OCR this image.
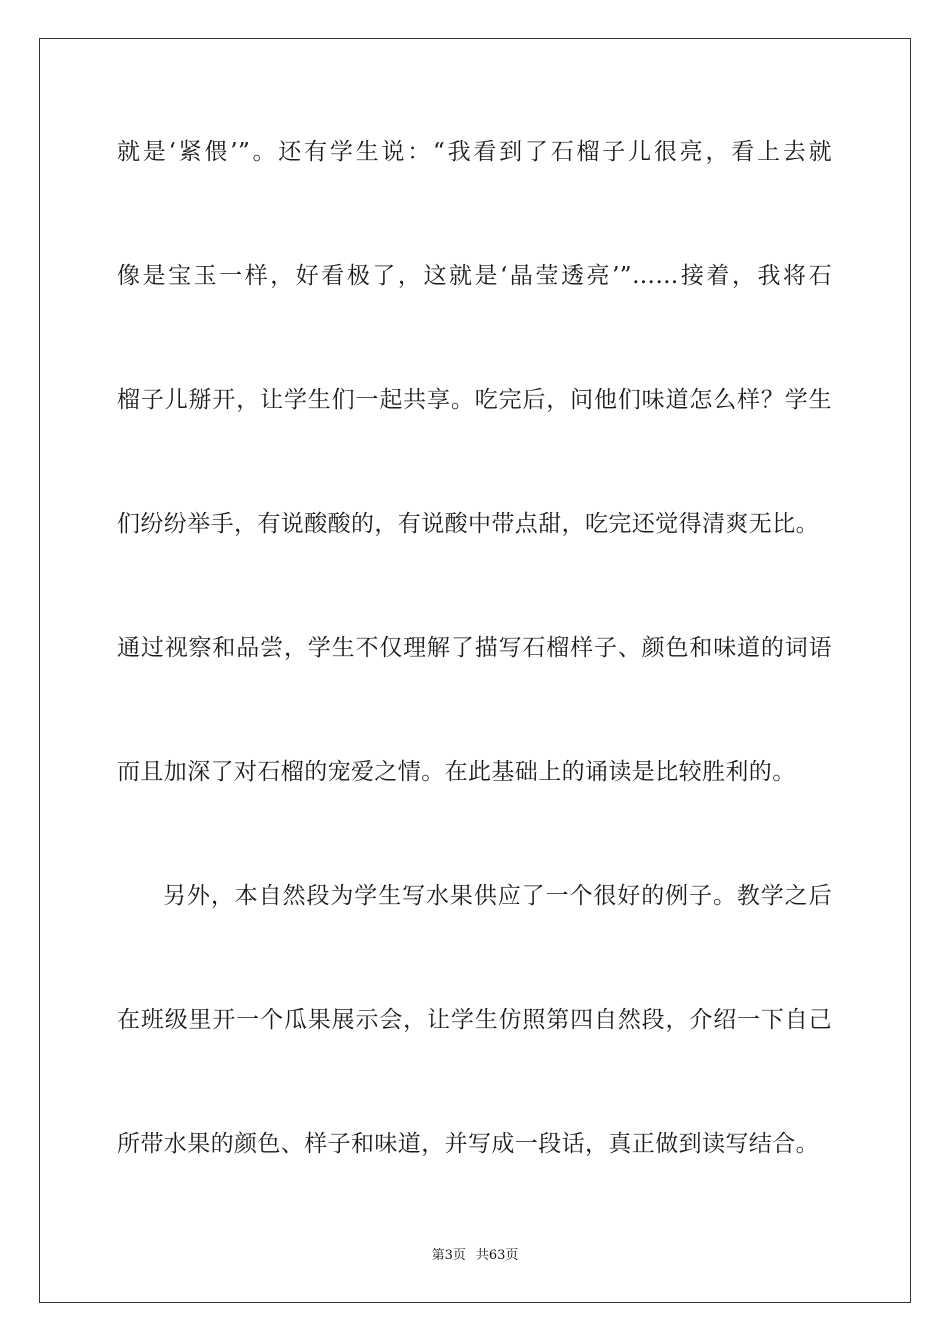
就是‘紧偎’”。还有学生说：“我看到了石榴子儿很亮，看上去就
像是宝玉一样，好看极了，这就是‘晶莹透亮’”……接着，我将石
榴子儿掰开，让学生们一起共享。吃完后，问他们味道怎么样？学生
们纷纷举手，有说酸酸的，有说酸中带点甜，吃完还觉得清爽无比。
通过视察和品尝，学生不仅理解了描写石榴样子、颜色和味道的词语
而且加深了对石榴的宠爱之情。在此基础上的诵读是比较胜利的。
另外，本自然段为学生写水果供应了一个很好的例子。教学之后
在班级里开一个瓜果展示会，让学生仿照第四自然段，介绍一下自己
所带水果的颜色、样子和味道，并写成一段话，真正做到读写结合。
第3页 共63页
